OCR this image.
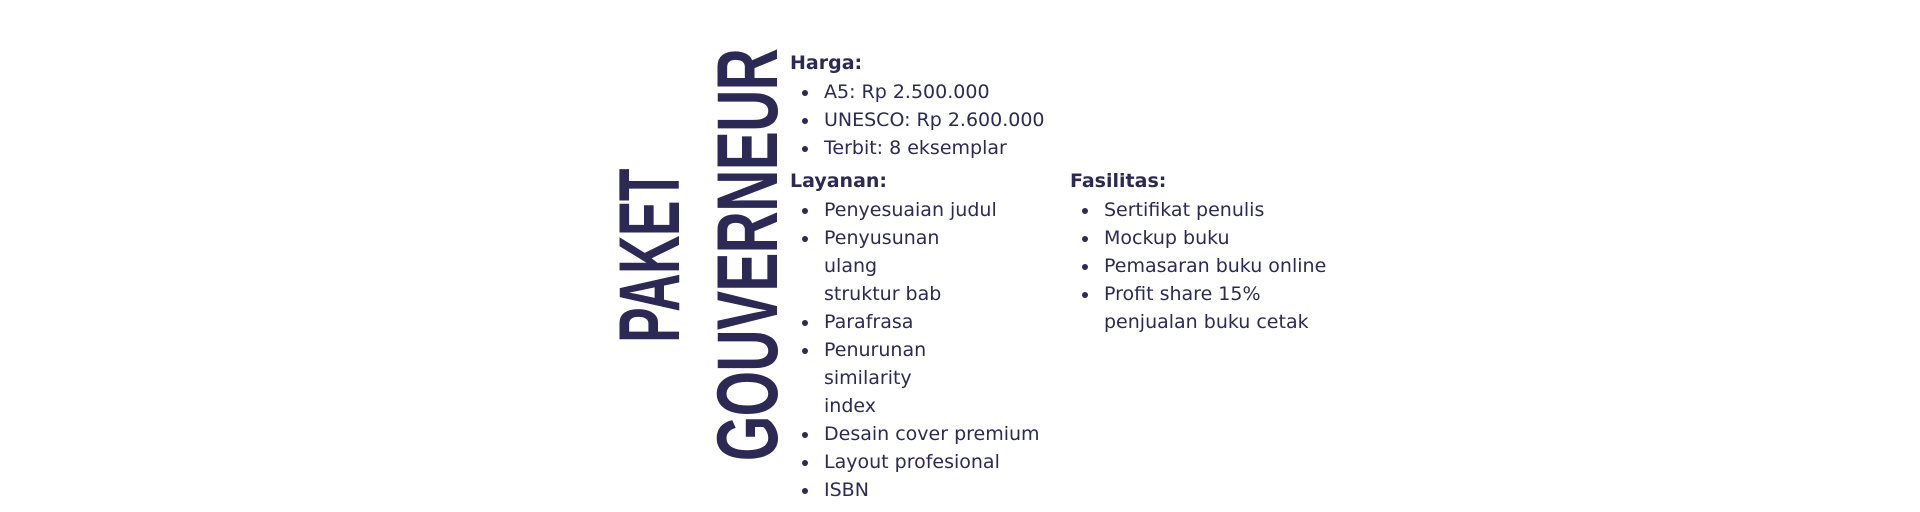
PAKET GOUVERNEUR

Harga:

A5: Rp 2.500.000
UNESCO: Rp 2.600.000
Terbit: 8 eksemplar

Layanan:

Penyesuaian judul
Penyusunan ulang
struktur bab
Parafrasa
Penurunan similarity
index
Desain cover premium
Layout profesional
ISBN

Fasilitas:

Sertifikat penulis
Mockup buku
Pemasaran buku online
Profit share 15%
penjualan buku cetak
